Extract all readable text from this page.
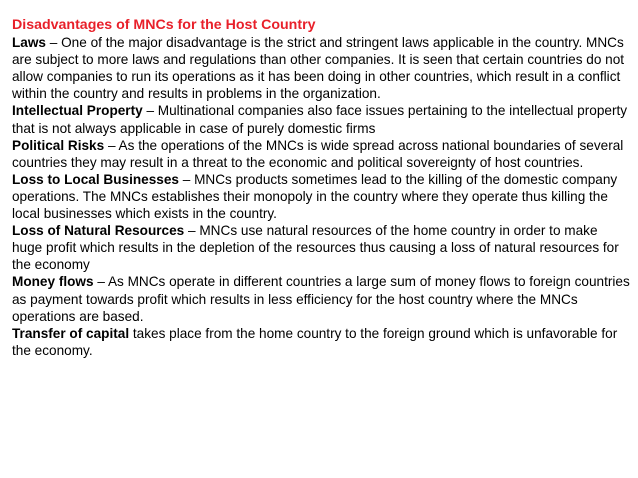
Disadvantages of MNCs for the Host Country

Laws – One of the major disadvantage is the strict and stringent laws applicable in the country. MNCs are subject to more laws and regulations than other companies. It is seen that certain countries do not allow companies to run its operations as it has been doing in other countries, which result in a conflict within the country and results in problems in the organization.

Intellectual Property – Multinational companies also face issues pertaining to the intellectual property that is not always applicable in case of purely domestic firms

Political Risks – As the operations of the MNCs is wide spread across national boundaries of several countries they may result in a threat to the economic and political sovereignty of host countries.

Loss to Local Businesses – MNCs products sometimes lead to the killing of the domestic company operations. The MNCs establishes their monopoly in the country where they operate thus killing the local businesses which exists in the country.

Loss of Natural Resources – MNCs use natural resources of the home country in order to make huge profit which results in the depletion of the resources thus causing a loss of natural resources for the economy

Money flows – As MNCs operate in different countries a large sum of money flows to foreign countries as payment towards profit which results in less efficiency for the host country where the MNCs operations are based.

Transfer of capital takes place from the home country to the foreign ground which is unfavorable for the economy.
